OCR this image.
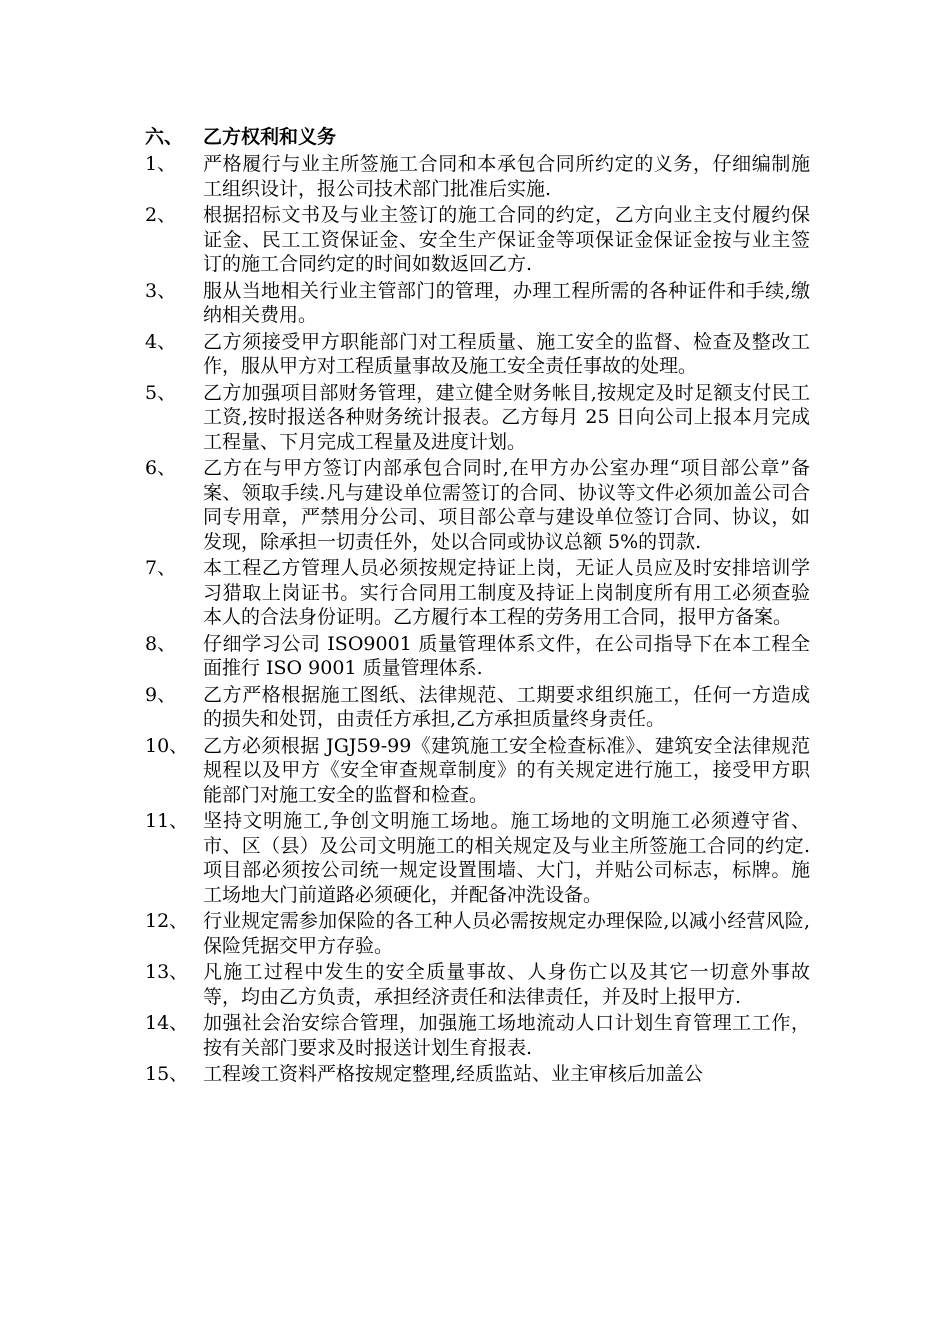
六、	乙方权利和义务
1、	严格履行与业主所签施工合同和本承包合同所约定的义务，仔细编制施工组织设计，报公司技术部门批准后实施.
2、	根据招标文书及与业主签订的施工合同的约定，乙方向业主支付履约保证金、民工工资保证金、安全生产保证金等项保证金保证金按与业主签订的施工合同约定的时间如数返回乙方.
3、	服从当地相关行业主管部门的管理，办理工程所需的各种证件和手续,缴纳相关费用。
4、	乙方须接受甲方职能部门对工程质量、施工安全的监督、检查及整改工作，服从甲方对工程质量事故及施工安全责任事故的处理。
5、	乙方加强项目部财务管理，建立健全财务帐目,按规定及时足额支付民工工资,按时报送各种财务统计报表。乙方每月 25 日向公司上报本月完成工程量、下月完成工程量及进度计划。
6、	乙方在与甲方签订内部承包合同时,在甲方办公室办理“项目部公章”备案、领取手续.凡与建设单位需签订的合同、协议等文件必须加盖公司合同专用章，严禁用分公司、项目部公章与建设单位签订合同、协议，如发现，除承担一切责任外，处以合同或协议总额 5%的罚款.
7、	本工程乙方管理人员必须按规定持证上岗，无证人员应及时安排培训学习猎取上岗证书。实行合同用工制度及持证上岗制度所有用工必须查验本人的合法身份证明。乙方履行本工程的劳务用工合同，报甲方备案。
8、	仔细学习公司 ISO9001 质量管理体系文件，在公司指导下在本工程全面推行 ISO 9001 质量管理体系.
9、	乙方严格根据施工图纸、法律规范、工期要求组织施工，任何一方造成的损失和处罚，由责任方承担,乙方承担质量终身责任。
10、 乙方必须根据 JGJ59-99《建筑施工安全检查标准》、建筑安全法律规范规程以及甲方《安全审查规章制度》的有关规定进行施工，接受甲方职能部门对施工安全的监督和检查。
11、 坚持文明施工,争创文明施工场地。施工场地的文明施工必须遵守省、市、区（县）及公司文明施工的相关规定及与业主所签施工合同的约定.项目部必须按公司统一规定设置围墙、大门，并贴公司标志，标牌。施工场地大门前道路必须硬化，并配备冲洗设备。
12、 行业规定需参加保险的各工种人员必需按规定办理保险,以减小经营风险,保险凭据交甲方存验。
13、 凡施工过程中发生的安全质量事故、人身伤亡以及其它一切意外事故等，均由乙方负责，承担经济责任和法律责任，并及时上报甲方.
14、 加强社会治安综合管理，加强施工场地流动人口计划生育管理工工作，按有关部门要求及时报送计划生育报表.
15、 工程竣工资料严格按规定整理,经质监站、业主审核后加盖公
